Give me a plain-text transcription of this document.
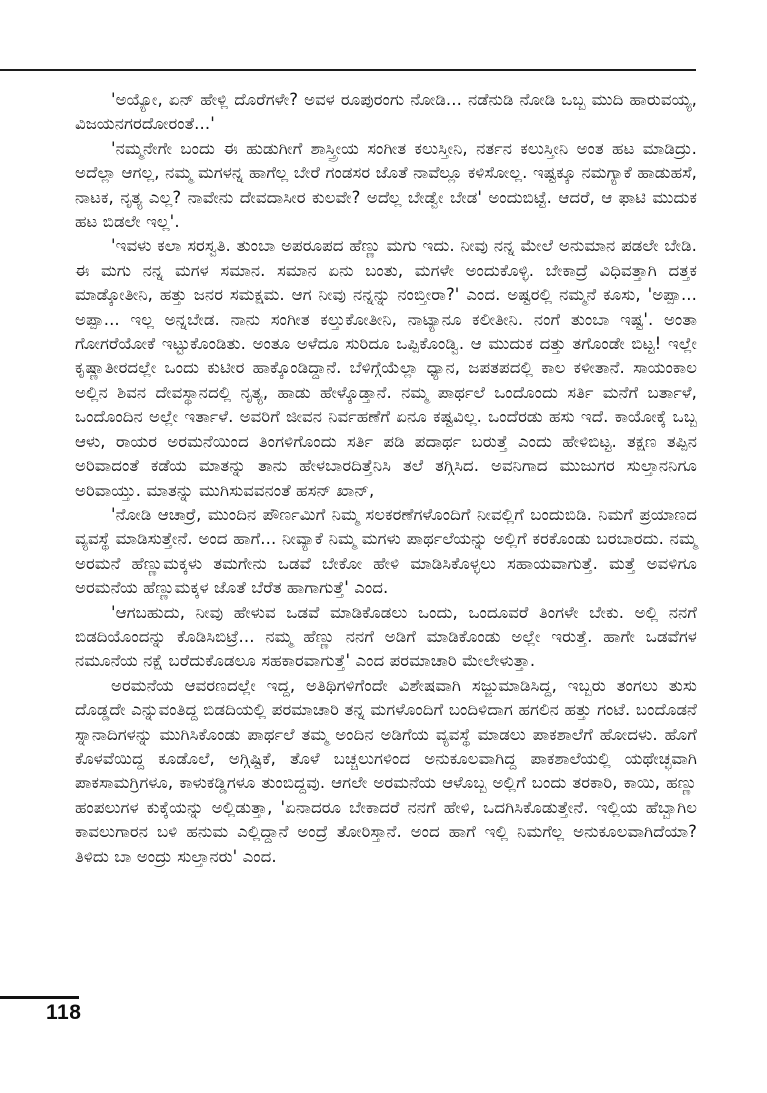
'ಅಯ್ಯೋ, ಏನ್ ಹೇಳ್ಲಿ ದೊರೆಗಳೇ? ಅವಳ ರೂಪುರಂಗು ನೋಡಿ... ನಡೆನುಡಿ ನೋಡಿ ಒಬ್ಬ ಮುದಿ ಹಾರುವಯ್ಯ, ವಿಜಯನಗರದೋರಂತೆ...'

'ನಮ್ಮನೇಗೇ ಬಂದು ಈ ಹುಡುಗೀಗೆ ಶಾಸ್ತ್ರೀಯ ಸಂಗೀತ ಕಲುಸ್ತೀನಿ, ನರ್ತನ ಕಲುಸ್ತೀನಿ ಅಂತ ಹಟ ಮಾಡಿದ್ರು. ಅದೆಲ್ಲಾ ಆಗಲ್ಲ, ನಮ್ಮ ಮಗಳನ್ನ ಹಾಗೆಲ್ಲ ಬೇರೆ ಗಂಡಸರ ಜೊತೆ ನಾವೆಲ್ಲೂ ಕಳಿಸೋಲ್ಲ. ಇಷ್ಟಕ್ಕೂ ನಮಗ್ಯಾಕೆ ಹಾಡುಹಸೆ, ನಾಟಕ, ನೃತ್ಯ ಎಲ್ಲ? ನಾವೇನು ದೇವದಾಸೀರ ಕುಲವೇ? ಅದೆಲ್ಲ ಬೇಡ್ವೇ ಬೇಡ' ಅಂದುಬಿಟ್ಟೆ. ಆದರೆ, ಆ ಫಾಟಿ ಮುದುಕ ಹಟ ಬಿಡಲೇ ಇಲ್ಲ'.

'ಇವಳು ಕಲಾ ಸರಸ್ವತಿ. ತುಂಬಾ ಅಪರೂಪದ ಹೆಣ್ಣು ಮಗು ಇದು. ನೀವು ನನ್ನ ಮೇಲೆ ಅನುಮಾನ ಪಡಲೇ ಬೇಡಿ. ಈ ಮಗು ನನ್ನ ಮಗಳ ಸಮಾನ. ಸಮಾನ ಏನು ಬಂತು, ಮಗಳೇ ಅಂದುಕೊಳ್ಳಿ. ಬೇಕಾದ್ರೆ ವಿಧಿವತ್ತಾಗಿ ದತ್ತಕ ಮಾಡ್ಕೋತೀನಿ, ಹತ್ತು ಜನರ ಸಮಕ್ಷಮ. ಆಗ ನೀವು ನನ್ನನ್ನು ನಂಬ್ತೀರಾ?' ಎಂದ. ಅಷ್ಟರಲ್ಲಿ ನಮ್ಮನೆ ಕೂಸು, 'ಅಪ್ಪಾ... ಅಪ್ಪಾ... ಇಲ್ಲ ಅನ್ನಬೇಡ. ನಾನು ಸಂಗೀತ ಕಲ್ತುಕೋತೀನಿ, ನಾಟ್ಯಾನೂ ಕಲೀತೀನಿ. ನಂಗೆ ತುಂಬಾ ಇಷ್ಟ'. ಅಂತಾ ಗೋಗರೆಯೋಕೆ ಇಟ್ಟುಕೊಂಡಿತು. ಅಂತೂ ಅಳೆದೂ ಸುರಿದೂ ಒಪ್ಪಿಕೊಂಡ್ವಿ. ಆ ಮುದುಕ ದತ್ತು ತಗೊಂಡೇ ಬಿಟ್ಟ! ಇಲ್ಲೇ ಕೃಷ್ಣಾತೀರದಲ್ಲೇ ಒಂದು ಕುಟೀರ ಹಾಕ್ಕೊಂಡಿದ್ದಾನೆ. ಬೆಳಿಗ್ಗೆಯೆಲ್ಲಾ ಧ್ಯಾನ, ಜಪತಪದಲ್ಲಿ ಕಾಲ ಕಳೀತಾನೆ. ಸಾಯಂಕಾಲ ಅಲ್ಲಿನ ಶಿವನ ದೇವಸ್ಥಾನದಲ್ಲಿ ನೃತ್ಯ, ಹಾಡು ಹೇಳ್ಕೊಡ್ತಾನೆ. ನಮ್ಮ ಪಾರ್ಥಲೆ ಒಂದೊಂದು ಸರ್ತಿ ಮನೆಗೆ ಬರ್ತಾಳೆ, ಒಂದೊಂದಿನ ಅಲ್ಲೇ ಇರ್ತಾಳೆ. ಅವರಿಗೆ ಜೀವನ ನಿರ್ವಹಣೆಗೆ ಏನೂ ಕಷ್ಟವಿಲ್ಲ. ಒಂದೆರಡು ಹಸು ಇದೆ. ಕಾಯೋಕ್ಕೆ ಒಬ್ಬ ಆಳು, ರಾಯರ ಅರಮನೆಯಿಂದ ತಿಂಗಳಿಗೊಂದು ಸರ್ತಿ ಪಡಿ ಪದಾರ್ಥ ಬರುತ್ತೆ ಎಂದು ಹೇಳಿಬಿಟ್ಟ. ತಕ್ಷಣ ತಪ್ಪಿನ ಅರಿವಾದಂತೆ ಕಡೆಯ ಮಾತನ್ನು ತಾನು ಹೇಳಬಾರದಿತ್ತೆನಿಸಿ ತಲೆ ತಗ್ಗಿಸಿದ. ಅವನಿಗಾದ ಮುಜುಗರ ಸುಲ್ತಾನನಿಗೂ ಅರಿವಾಯ್ತು. ಮಾತನ್ನು ಮುಗಿಸುವವನಂತೆ ಹಸನ್ ಖಾನ್,

'ನೋಡಿ ಆಚಾರ್ರೆ, ಮುಂದಿನ ಪೌರ್ಣಮಿಗೆ ನಿಮ್ಮ ಸಲಕರಣೆಗಳೊಂದಿಗೆ ನೀವಲ್ಲಿಗೆ ಬಂದುಬಿಡಿ. ನಿಮಗೆ ಪ್ರಯಾಣದ ವ್ಯವಸ್ಥೆ ಮಾಡಿಸುತ್ತೇನೆ. ಅಂದ ಹಾಗೆ... ನೀವ್ಯಾಕೆ ನಿಮ್ಮ ಮಗಳು ಪಾರ್ಥಲೆಯನ್ನು ಅಲ್ಲಿಗೆ ಕರಕೊಂಡು ಬರಬಾರದು. ನಮ್ಮ ಅರಮನೆ ಹೆಣ್ಣುಮಕ್ಕಳು ತಮಗೇನು ಒಡವೆ ಬೇಕೋ ಹೇಳಿ ಮಾಡಿಸಿಕೊಳ್ಳಲು ಸಹಾಯವಾಗುತ್ತೆ. ಮತ್ತೆ ಅವಳಿಗೂ ಅರಮನೆಯ ಹೆಣ್ಣುಮಕ್ಕಳ ಜೊತೆ ಬೆರೆತ ಹಾಗಾಗುತ್ತೆ' ಎಂದ.

'ಆಗಬಹುದು, ನೀವು ಹೇಳುವ ಒಡವೆ ಮಾಡಿಕೊಡಲು ಒಂದು, ಒಂದೂವರೆ ತಿಂಗಳೇ ಬೇಕು. ಅಲ್ಲಿ ನನಗೆ ಬಿಡದಿಯೊಂದನ್ನು ಕೊಡಿಸಿಬಿಟ್ರೆ... ನಮ್ಮ ಹೆಣ್ಣು ನನಗೆ ಅಡಿಗೆ ಮಾಡಿಕೊಂಡು ಅಲ್ಲೇ ಇರುತ್ತೆ. ಹಾಗೇ ಒಡವೆಗಳ ನಮೂನೆಯ ನಕ್ಷೆ ಬರೆದುಕೊಡಲೂ ಸಹಕಾರವಾಗುತ್ತೆ' ಎಂದ ಪರಮಾಚಾರಿ ಮೇಲೇಳುತ್ತಾ.

ಅರಮನೆಯ ಆವರಣದಲ್ಲೇ ಇದ್ದ, ಅತಿಥಿಗಳಿಗೆಂದೇ ವಿಶೇಷವಾಗಿ ಸಜ್ಜುಮಾಡಿಸಿದ್ದ, ಇಬ್ಬರು ತಂಗಲು ತುಸು ದೊಡ್ಡದೇ ಎನ್ನುವಂತಿದ್ದ ಬಿಡದಿಯಲ್ಲಿ ಪರಮಾಚಾರಿ ತನ್ನ ಮಗಳೊಂದಿಗೆ ಬಂದಿಳಿದಾಗ ಹಗಲಿನ ಹತ್ತು ಗಂಟೆ. ಬಂದೊಡನೆ ಸ್ನಾನಾದಿಗಳನ್ನು ಮುಗಿಸಿಕೊಂಡು ಪಾರ್ಥಲೆ ತಮ್ಮ ಅಂದಿನ ಅಡಿಗೆಯ ವ್ಯವಸ್ಥೆ ಮಾಡಲು ಪಾಕಶಾಲೆಗೆ ಹೋದಳು. ಹೊಗೆ ಕೊಳವೆಯಿದ್ದ ಕೂಡೊಲೆ, ಅಗ್ಗಿಷ್ಟಿಕೆ, ತೊಳೆ ಬಚ್ಚಲುಗಳಿಂದ ಅನುಕೂಲವಾಗಿದ್ದ ಪಾಕಶಾಲೆಯಲ್ಲಿ ಯಥೇಚ್ಛವಾಗಿ ಪಾಕಸಾಮಗ್ರಿಗಳೂ, ಕಾಳುಕಡ್ಡಿಗಳೂ ತುಂಬಿದ್ದವು. ಆಗಲೇ ಅರಮನೆಯ ಆಳೊಬ್ಬ ಅಲ್ಲಿಗೆ ಬಂದು ತರಕಾರಿ, ಕಾಯಿ, ಹಣ್ಣು ಹಂಪಲುಗಳ ಕುಕ್ಕೆಯನ್ನು ಅಲ್ಲಿಡುತ್ತಾ, 'ಏನಾದರೂ ಬೇಕಾದರೆ ನನಗೆ ಹೇಳಿ, ಒದಗಿಸಿಕೊಡುತ್ತೇನೆ. ಇಲ್ಲಿಯ ಹೆಬ್ಬಾಗಿಲ ಕಾವಲುಗಾರನ ಬಳಿ ಹನುಮ ಎಲ್ಲಿದ್ದಾನೆ ಅಂದ್ರೆ ತೋರಿಸ್ತಾನೆ. ಅಂದ ಹಾಗೆ ಇಲ್ಲಿ ನಿಮಗೆಲ್ಲ ಅನುಕೂಲವಾಗಿದೆಯಾ? ತಿಳಿದು ಬಾ ಅಂದ್ರು ಸುಲ್ತಾನರು' ಎಂದ.

118
